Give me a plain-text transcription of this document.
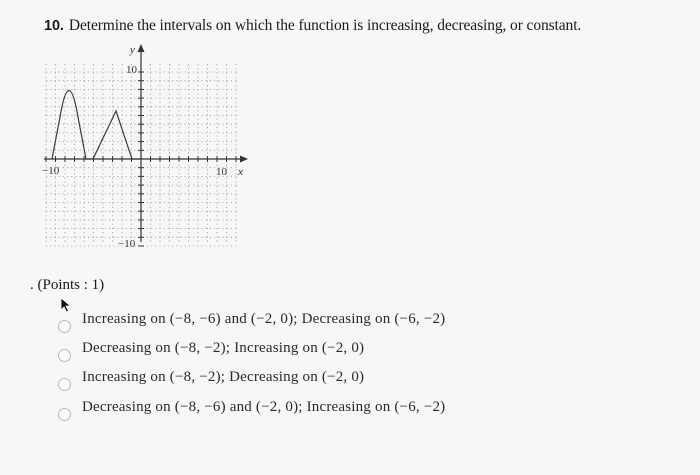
10. Determine the intervals on which the function is increasing, decreasing, or constant.
y
10
−10
−10	10 x
. (Points : 1)
Increasing on (−8, −6) and (−2, 0); Decreasing on (−6, −2)
Decreasing on (−8, −2); Increasing on (−2, 0)
Increasing on (−8, −2); Decreasing on (−2, 0)
Decreasing on (−8, −6) and (−2, 0); Increasing on (−6, −2)
